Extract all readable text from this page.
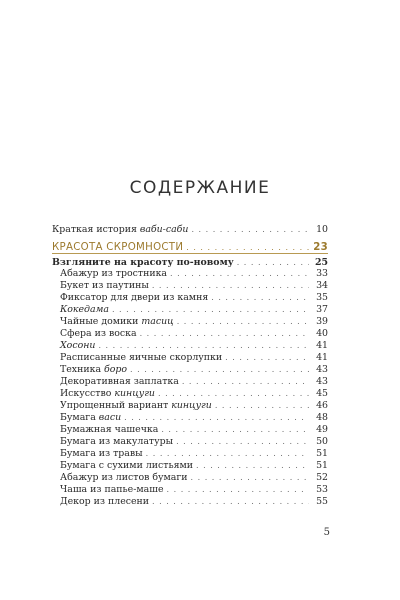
СОДЕРЖАНИЕ
Краткая история ваби-саби . . .	10
КРАСОТА СКРОМНОСТИ . . .	23
Взгляните на красоту по-новому . . .	25
Абажур из тростника . . .	33
Букет из паутины . . .	34
Фиксатор для двери из камня . . .	35
Кокедама . . .	37
Чайные домики тасиц . . .	39
Сфера из воска . . .	40
Хосони . . .	41
Расписанные яичные скорлупки . . .	41
Техника боро . . .	43
Декоративная заплатка . . .	43
Искусство кинцуги . . .	45
Упрощенный вариант кинцуги . . .	46
Бумага васи . . .	48
Бумажная чашечка . . .	49
Бумага из макулатуры . . .	50
Бумага из травы . . .	51
Бумага с сухими листьями . . .	51
Абажур из листов бумаги . . .	52
Чаша из папье-маше . . .	53
Декор из плесени . . .	55
5
